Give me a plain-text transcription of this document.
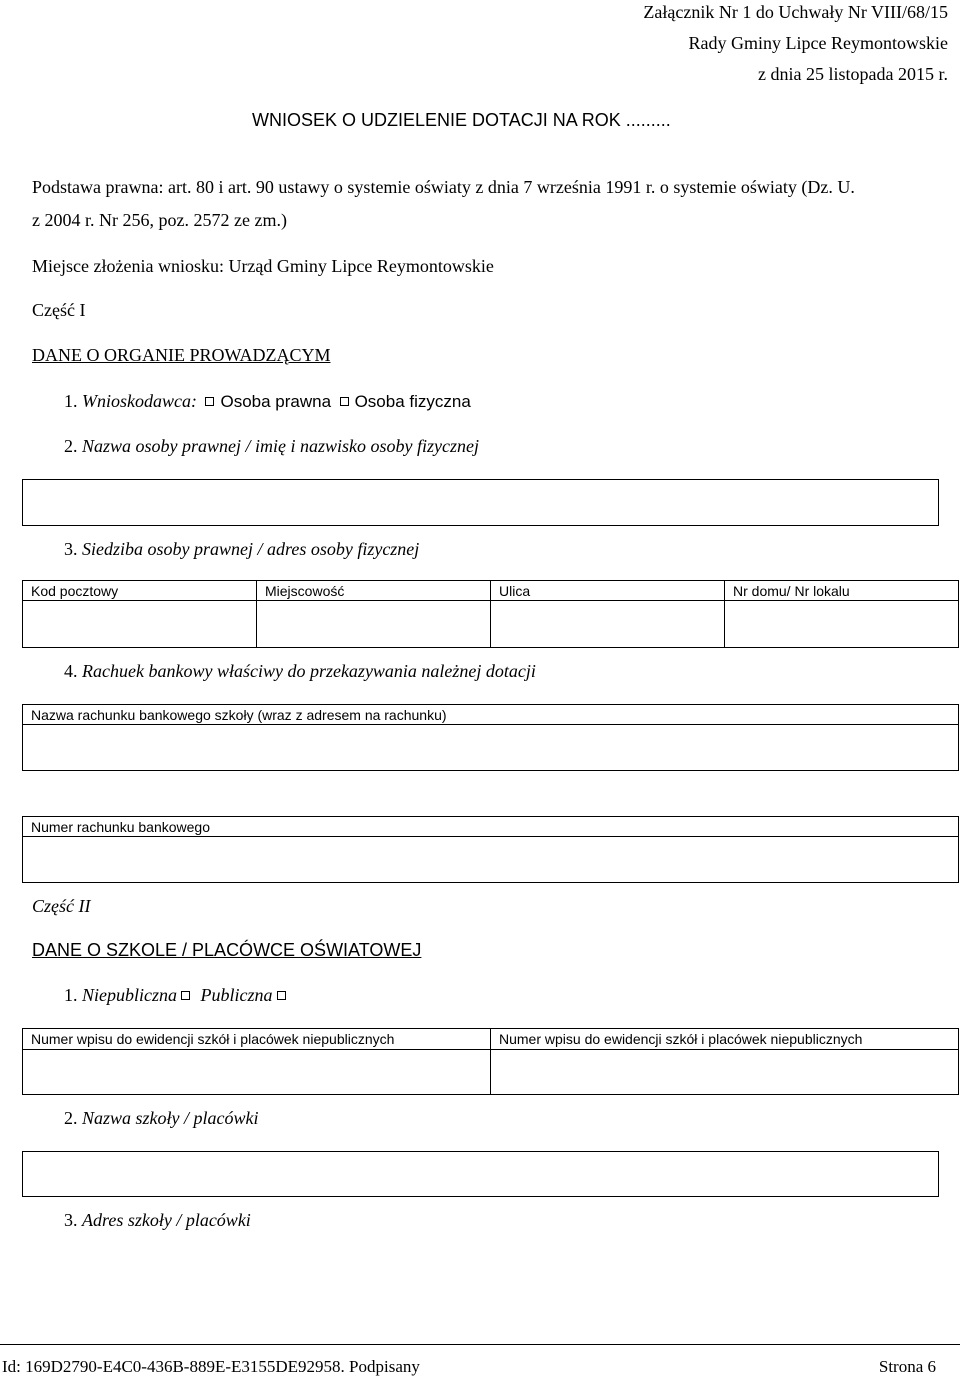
Załącznik Nr 1 do Uchwały Nr VIII/68/15
Rady Gminy Lipce Reymontowskie
z dnia 25 listopada 2015 r.
WNIOSEK O UDZIELENIE DOTACJI NA ROK .........
Podstawa prawna: art. 80 i art. 90 ustawy o systemie oświaty z dnia 7 września 1991 r. o systemie oświaty (Dz. U.
z 2004 r. Nr 256, poz. 2572 ze zm.)
Miejsce złożenia wniosku: Urząd Gminy Lipce Reymontowskie
Część I
DANE O ORGANIE PROWADZĄCYM
1. Wnioskodawca: Osoba prawna Osoba fizyczna
2. Nazwa osoby prawnej / imię i nazwisko osoby fizycznej
3. Siedziba osoby prawnej / adres osoby fizycznej
Kod pocztowy	Miejscowość	Ulica	Nr domu/ Nr lokalu
4. Rachuek bankowy właściwy do przekazywania należnej dotacji
Nazwa rachunku bankowego szkoły (wraz z adresem na rachunku)
Numer rachunku bankowego
Część II
DANE O SZKOLE / PLACÓWCE OŚWIATOWEJ
1. Niepubliczna Publiczna
Numer wpisu do ewidencji szkół i placówek niepublicznych	Numer wpisu do ewidencji szkół i placówek niepublicznych
2. Nazwa szkoły / placówki
3. Adres szkoły / placówki
Id: 169D2790-E4C0-436B-889E-E3155DE92958. Podpisany	Strona 6
